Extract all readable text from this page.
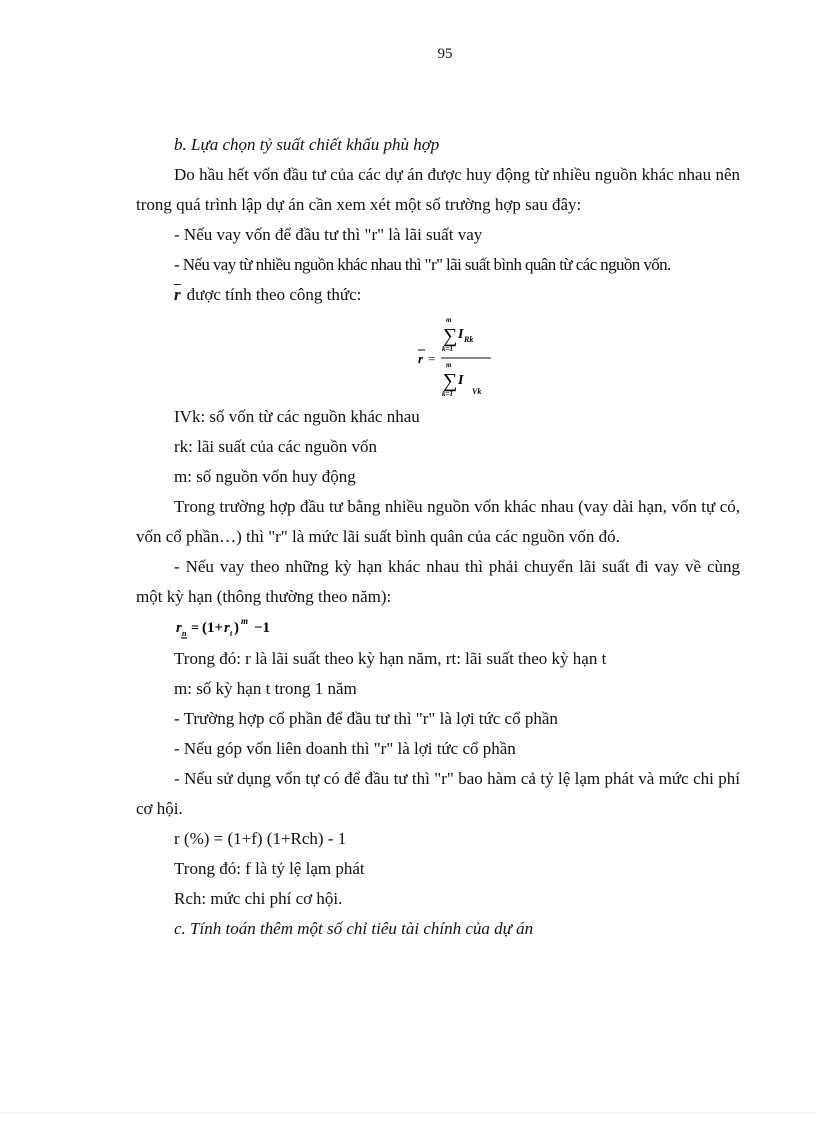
95

b. Lựa chọn tỷ suất chiết khấu phù hợp

Do hầu hết vốn đầu tư của các dự án được huy động từ nhiều nguồn khác nhau nên trong quá trình lập dự án cần xem xét một số trường hợp sau đây:

- Nếu vay vốn để đầu tư thì "r" là lãi suất vay

- Nếu vay từ nhiều nguồn khác nhau thì "r" lãi suất bình quân từ các nguồn vốn.

$\overline{r}$ được tính theo công thức:

r =
m
∑
k=1
I Rk
m
∑
k=1
I
Vk

IVk: số vốn từ các nguồn khác nhau

rk: lãi suất của các nguồn vốn

m: số nguồn vốn huy động

Trong trường hợp đầu tư bằng nhiều nguồn vốn khác nhau (vay dài hạn, vốn tự có, vốn cổ phần…) thì "r" là mức lãi suất bình quân của các nguồn vốn đó.

- Nếu vay theo những kỳ hạn khác nhau thì phải chuyển lãi suất đi vay về cùng một kỳ hạn (thông thường theo năm):

r n = (1+ r t ) m −1

Trong đó: r là lãi suất theo kỳ hạn năm, rt: lãi suất theo kỳ hạn t

m: số kỳ hạn t trong 1 năm

- Trường hợp cổ phần để đầu tư thì "r" là lợi tức cổ phần

- Nếu góp vốn liên doanh thì "r" là lợi tức cổ phần

- Nếu sử dụng vốn tự có để đầu tư thì "r" bao hàm cả tỷ lệ lạm phát và mức chi phí cơ hội.

r (%) = (1+f) (1+Rch) - 1

Trong đó: f là tỷ lệ lạm phát

Rch: mức chi phí cơ hội.

c. Tính toán thêm một số chỉ tiêu tài chính của dự án
